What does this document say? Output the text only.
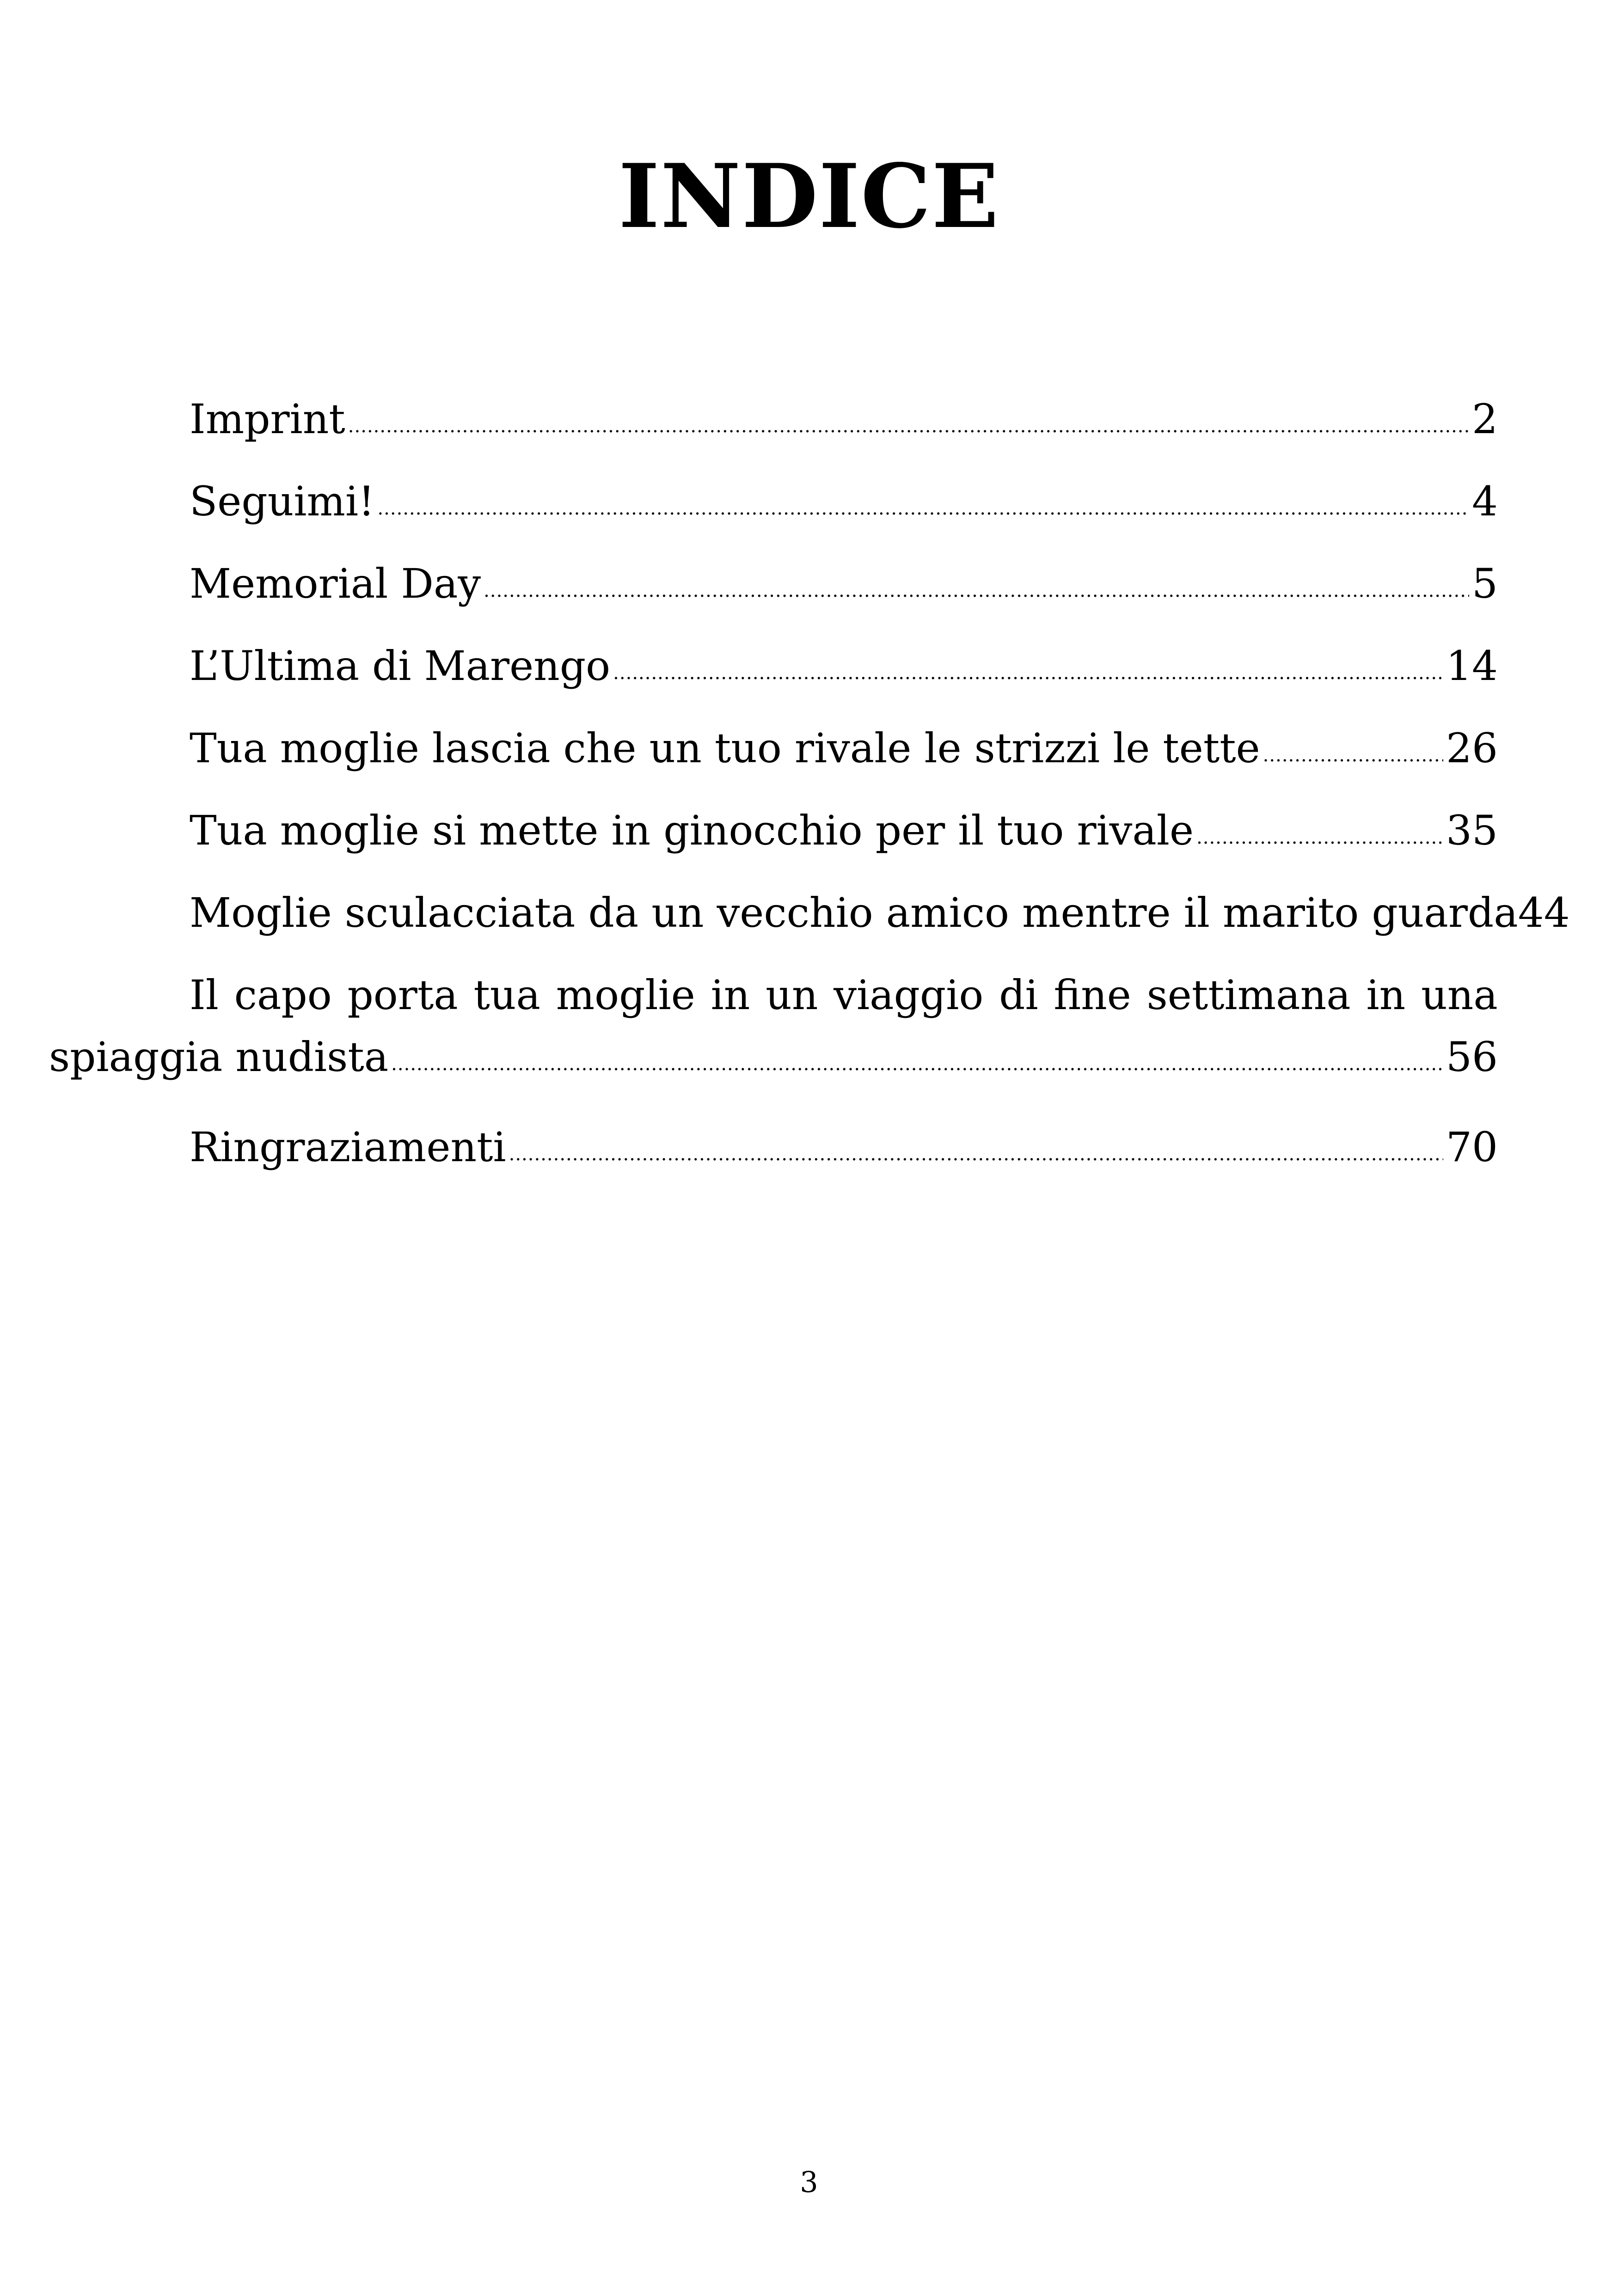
INDICE
Imprint .....	2
Seguimi! .....	4
Memorial Day .....	5
L’Ultima di Marengo .....	14
Tua moglie lascia che un tuo rivale le strizzi le tette .....	26
Tua moglie si mette in ginocchio per il tuo rivale .....	35
Moglie sculacciata da un vecchio amico mentre il marito guarda 44
Il capo porta tua moglie in un viaggio di fine settimana in una
spiaggia nudista .....	56
Ringraziamenti .....	70
3
